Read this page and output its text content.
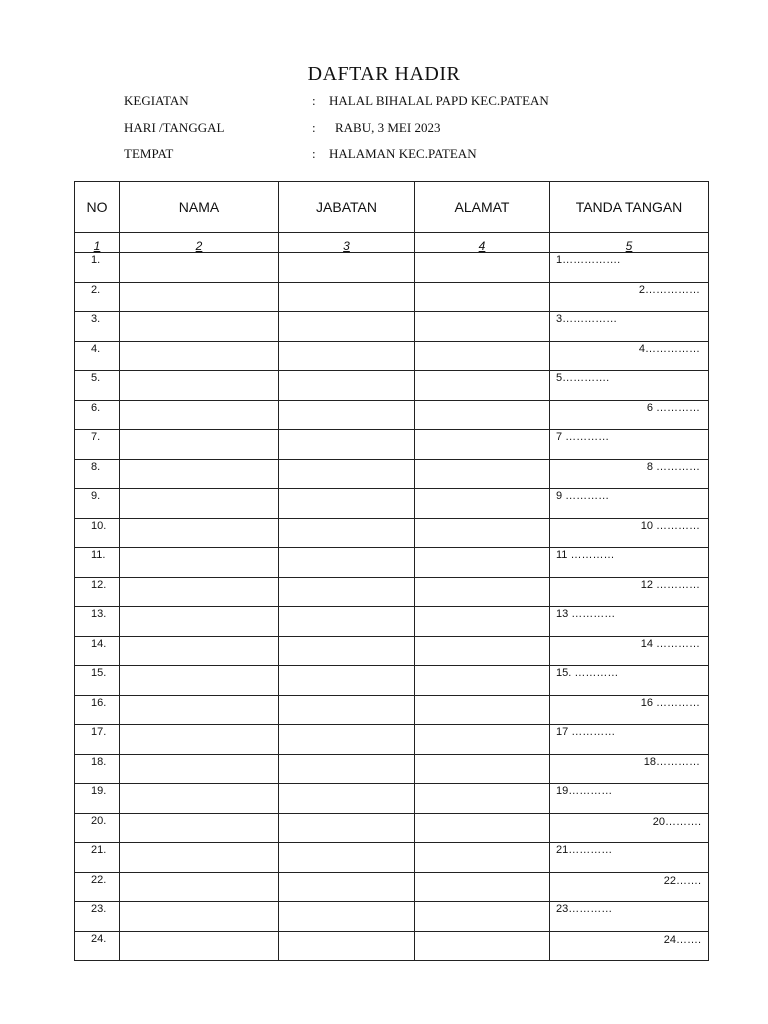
DAFTAR HADIR
KEGIATAN	: HALAL BIHALAL PAPD KEC.PATEAN
HARI /TANGGAL	: RABU, 3 MEI 2023
TEMPAT	: HALAMAN KEC.PATEAN
NO	NAMA	JABATAN	ALAMAT	TANDA TANGAN
1	2	3	4	5
1.				1…………….

2.				2……………

3.				3……………

4.				4……………

5.				5………….

6.				6 …………

7.				7 …………

8.				8 …………

9.				9 …………

10.				10 …………

11.				11 …………

12.				12 …………

13.				13 …………

14.				14 …………

15.				15. …………

16.				16 …………

17.				17 …………

18.				18…………

19.				19…………

20.				20……….

21.				21…………

22.				22…….

23.				23…………

24.				24…….
